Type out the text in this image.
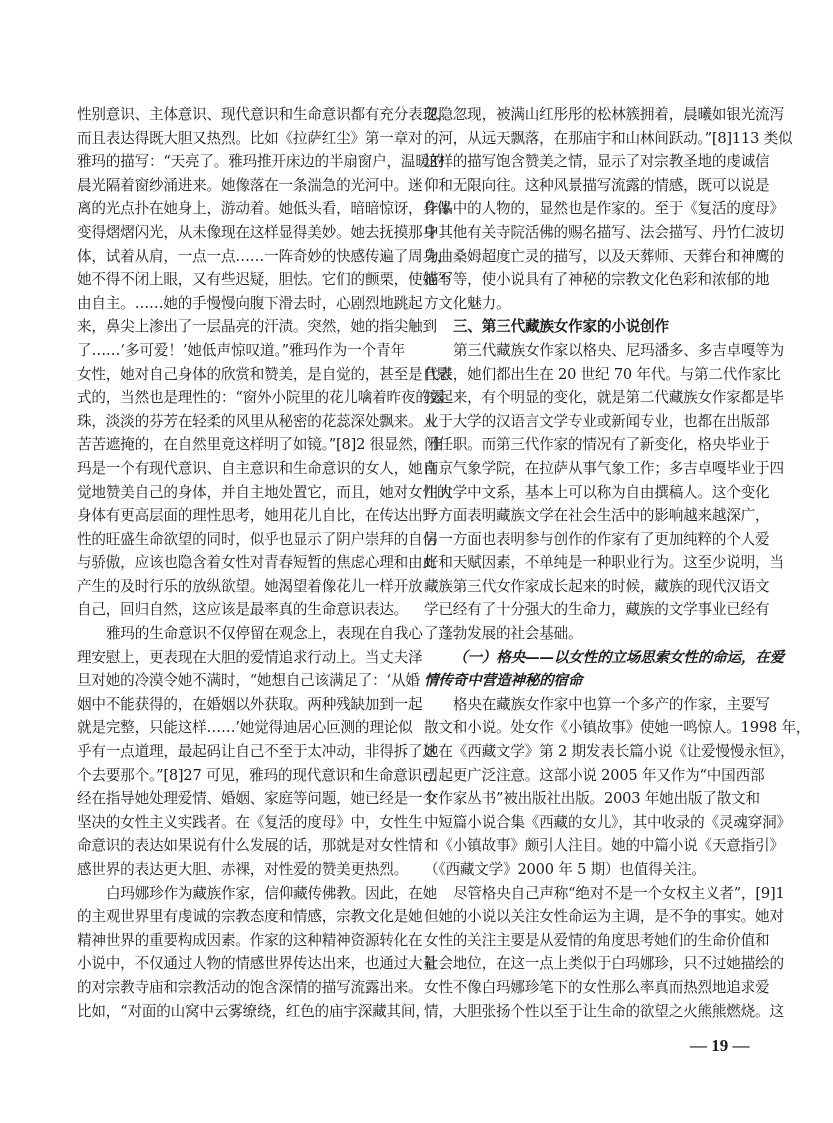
性别意识、主体意识、现代意识和生命意识都有充分表现，
而且表达得既大胆又热烈。比如《拉萨红尘》第一章对
雅玛的描写：“天亮了。雅玛推开床边的半扇窗户，温暖的
晨光隔着窗纱涌进来。她像落在一条湍急的光河中。迷
离的光点扑在她身上，游动着。她低头看，暗暗惊讶，身体
变得熠熠闪光，从未像现在这样显得美妙。她去抚摸那身
体，试着从肩，一点一点……一阵奇妙的快感传遍了周身，
她不得不闭上眼，又有些迟疑，胆怯。它们的颤栗，使她不
由自主。……她的手慢慢向腹下滑去时，心剧烈地跳起
来，鼻尖上渗出了一层晶亮的汗渍。突然，她的指尖触到
了……‘多可爱！’她低声惊叹道。”雅玛作为一个青年
女性，她对自己身体的欣赏和赞美，是自觉的，甚至是自慰
式的，当然也是理性的：“窗外小院里的花儿噙着昨夜的露
珠，淡淡的芬芳在轻柔的风里从秘密的花蕊深处飘来。人
苦苦遮掩的，在自然里竟这样明了如镜。”[8]2 很显然，雅
玛是一个有现代意识、自主意识和生命意识的女人，她自
觉地赞美自己的身体，并自主地处置它，而且，她对女性的
身体有更高层面的理性思考，她用花儿自比，在传达出野
性的旺盛生命欲望的同时，似乎也显示了阴户崇拜的自信
与骄傲，应该也隐含着女性对青春短暂的焦虑心理和由此
产生的及时行乐的放纵欲望。她渴望着像花儿一样开放
自己，回归自然，这应该是最率真的生命意识表达。
雅玛的生命意识不仅停留在观念上，表现在自我心
理安慰上，更表现在大胆的爱情追求行动上。当丈夫泽
旦对她的冷漠令她不满时，“她想自己该满足了：‘从婚
姻中不能获得的，在婚姻以外获取。两种残缺加到一起
就是完整，只能这样……’她觉得迪居心叵测的理论似
乎有一点道理，最起码让自己不至于太冲动，非得拆了这
个去要那个。”[8]27 可见，雅玛的现代意识和生命意识已
经在指导她处理爱情、婚姻、家庭等问题，她已经是一个
坚决的女性主义实践者。在《复活的度母》中，女性生
命意识的表达如果说有什么发展的话，那就是对女性情
感世界的表达更大胆、赤裸，对性爱的赞美更热烈。
白玛娜珍作为藏族作家，信仰藏传佛教。因此，在她
的主观世界里有虔诚的宗教态度和情感，宗教文化是她
精神世界的重要构成因素。作家的这种精神资源转化在
小说中，不仅通过人物的情感世界传达出来，也通过大量
的对宗教寺庙和宗教活动的饱含深情的描写流露出来。
比如，“对面的山窝中云雾缭绕，红色的庙宇深藏其间，
忽隐忽现，被满山红彤彤的松林簇拥着，晨曦如银光流泻
的河，从远天飘落，在那庙宇和山林间跃动。”[8]113 类似
这样的描写饱含赞美之情，显示了对宗教圣地的虔诚信
仰和无限向往。这种风景描写流露的情感，既可以说是
作品中的人物的，显然也是作家的。至于《复活的度母》
中其他有关寺院活佛的赐名描写、法会描写、丹竹仁波切
为曲桑姆超度亡灵的描写，以及天葬师、天葬台和神鹰的
描写等，使小说具有了神秘的宗教文化色彩和浓郁的地
方文化魅力。
三、第三代藏族女作家的小说创作
第三代藏族女作家以格央、尼玛潘多、多吉卓嘎等为
代表，她们都出生在 20 世纪 70 年代。与第二代作家比
较起来，有个明显的变化，就是第二代藏族女作家都是毕
业于大学的汉语言文学专业或新闻专业，也都在出版部
门任职。而第三代作家的情况有了新变化，格央毕业于
南京气象学院，在拉萨从事气象工作；多吉卓嘎毕业于四
川大学中文系，基本上可以称为自由撰稿人。这个变化
一方面表明藏族文学在社会生活中的影响越来越深广，
另一方面也表明参与创作的作家有了更加纯粹的个人爱
好和天赋因素，不单纯是一种职业行为。这至少说明，当
藏族第三代女作家成长起来的时候，藏族的现代汉语文
学已经有了十分强大的生命力，藏族的文学事业已经有
了蓬勃发展的社会基础。
（一）格央——以女性的立场思索女性的命运，在爱
情传奇中营造神秘的宿命
格央在藏族女作家中也算一个多产的作家，主要写
散文和小说。处女作《小镇故事》使她一鸣惊人。1998 年，
她在《西藏文学》第 2 期发表长篇小说《让爱慢慢永恒》，
引起更广泛注意。这部小说 2005 年又作为“中国西部
女作家丛书”被出版社出版。2003 年她出版了散文和
中短篇小说合集《西藏的女儿》，其中收录的《灵魂穿洞》
和《小镇故事》颇引人注目。她的中篇小说《天意指引》
（《西藏文学》2000 年 5 期）也值得关注。
尽管格央自己声称“绝对不是一个女权主义者”，[9]1
但她的小说以关注女性命运为主调，是不争的事实。她对
女性的关注主要是从爱情的角度思考她们的生命价值和
社会地位，在这一点上类似于白玛娜珍，只不过她描绘的
女性不像白玛娜珍笔下的女性那么率真而热烈地追求爱
情，大胆张扬个性以至于让生命的欲望之火熊熊燃烧。这
— 19 —
